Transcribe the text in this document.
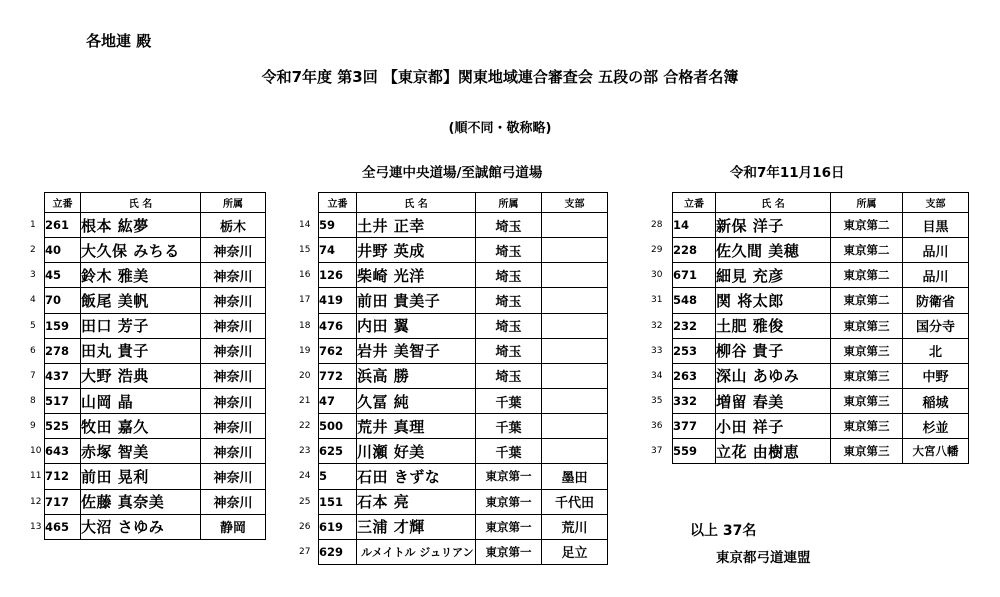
各地連 殿
令和7年度 第3回 【東京都】関東地域連合審査会 五段の部 合格者名簿
(順不同・敬称略)
全弓連中央道場/至誠館弓道場	令和7年11月16日
1
2
3
4
5
6
7
8
9
10
11
12
13
立番	氏 名	所属
261	根本 紘夢	栃木
40	大久保 みちる	神奈川
45	鈴木 雅美	神奈川
70	飯尾 美帆	神奈川
159	田口 芳子	神奈川
278	田丸 貴子	神奈川
437	大野 浩典	神奈川
517	山岡 晶	神奈川
525	牧田 嘉久	神奈川
643	赤塚 智美	神奈川
712	前田 晃利	神奈川
717	佐藤 真奈美	神奈川
465	大沼 さゆみ	静岡
14
15
16
17
18
19
20
21
22
23
24
25
26
27
立番	氏 名	所属	支部
59	土井 正幸	埼玉	
74	井野 英成	埼玉	
126	柴崎 光洋	埼玉	
419	前田 貴美子	埼玉	
476	内田 翼	埼玉	
762	岩井 美智子	埼玉	
772	浜高 勝	埼玉	
47	久冨 純	千葉	
500	荒井 真理	千葉	
625	川瀬 好美	千葉	
5	石田 きずな	東京第一	墨田
151	石本 亮	東京第一	千代田
619	三浦 才輝	東京第一	荒川
629	ルメイトル ジュリアン	東京第一	足立
28
29
30
31
32
33
34
35
36
37
立番	氏 名	所属	支部
14	新保 洋子	東京第二	目黒
228	佐久間 美穂	東京第二	品川
671	細見 充彦	東京第二	品川
548	関 将太郎	東京第二	防衛省
232	土肥 雅俊	東京第三	国分寺
253	柳谷 貴子	東京第三	北
263	深山 あゆみ	東京第三	中野
332	増留 春美	東京第三	稲城
377	小田 祥子	東京第三	杉並
559	立花 由樹恵	東京第三	大宮八幡
以上 37名
東京都弓道連盟
